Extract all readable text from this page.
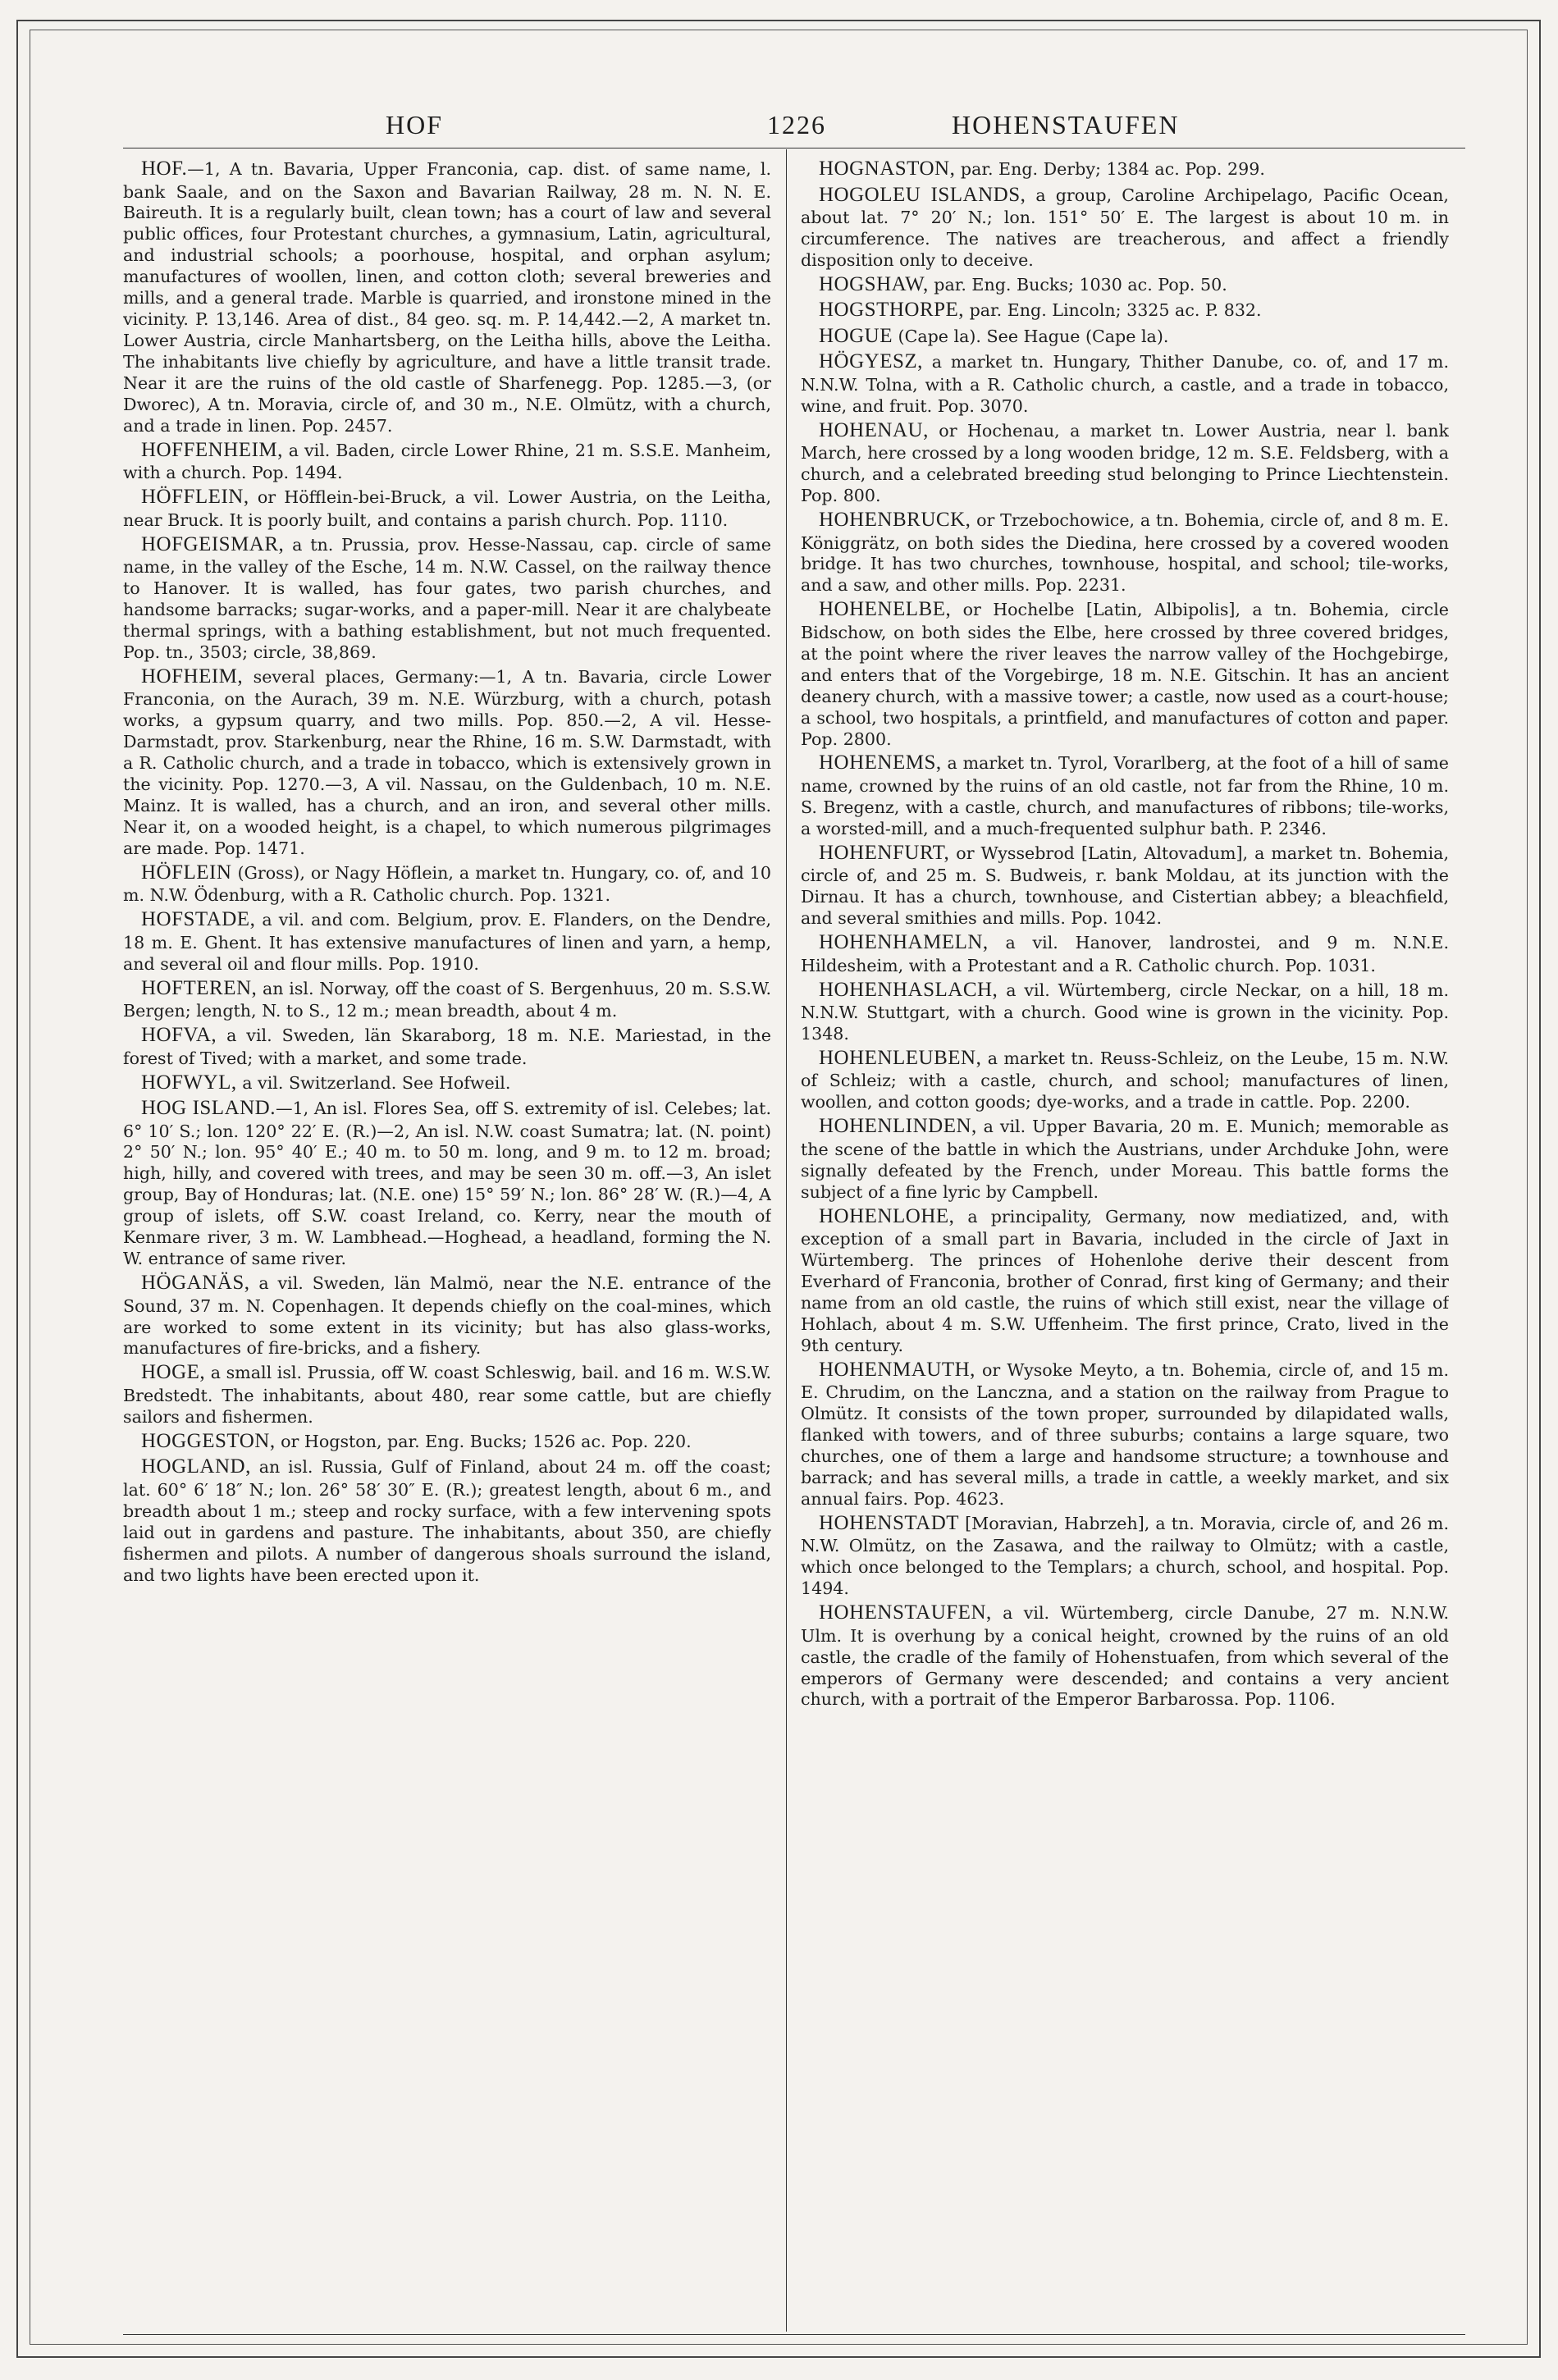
HOF	1226	HOHENSTAUFEN

HOF.—1, A tn. Bavaria, Upper Franconia, cap. dist. of same name, l. bank Saale, and on the Saxon and Bavarian Railway, 28 m. N. N. E. Baireuth. It is a regularly built, clean town; has a court of law and several public offices, four Protestant churches, a gymnasium, Latin, agricultural, and industrial schools; a poorhouse, hospital, and orphan asylum; manufactures of woollen, linen, and cotton cloth; several breweries and mills, and a general trade. Marble is quarried, and ironstone mined in the vicinity. P. 13,146. Area of dist., 84 geo. sq. m. P. 14,442.—2, A market tn. Lower Austria, circle Manhartsberg, on the Leitha hills, above the Leitha. The inhabitants live chiefly by agriculture, and have a little transit trade. Near it are the ruins of the old castle of Sharfenegg. Pop. 1285.—3, (or Dworec), A tn. Moravia, circle of, and 30 m., N.E. Olmütz, with a church, and a trade in linen. Pop. 2457.

HOFFENHEIM, a vil. Baden, circle Lower Rhine, 21 m. S.S.E. Manheim, with a church. Pop. 1494.

HÖFFLEIN, or Höfflein-bei-Bruck, a vil. Lower Austria, on the Leitha, near Bruck. It is poorly built, and contains a parish church. Pop. 1110.

HOFGEISMAR, a tn. Prussia, prov. Hesse-Nassau, cap. circle of same name, in the valley of the Esche, 14 m. N.W. Cassel, on the railway thence to Hanover. It is walled, has four gates, two parish churches, and handsome barracks; sugar-works, and a paper-mill. Near it are chalybeate thermal springs, with a bathing establishment, but not much frequented. Pop. tn., 3503; circle, 38,869.

HOFHEIM, several places, Germany:—1, A tn. Bavaria, circle Lower Franconia, on the Aurach, 39 m. N.E. Würzburg, with a church, potash works, a gypsum quarry, and two mills. Pop. 850.—2, A vil. Hesse-Darmstadt, prov. Starkenburg, near the Rhine, 16 m. S.W. Darmstadt, with a R. Catholic church, and a trade in tobacco, which is extensively grown in the vicinity. Pop. 1270.—3, A vil. Nassau, on the Guldenbach, 10 m. N.E. Mainz. It is walled, has a church, and an iron, and several other mills. Near it, on a wooded height, is a chapel, to which numerous pilgrimages are made. Pop. 1471.

HÖFLEIN (Gross), or Nagy Höflein, a market tn. Hungary, co. of, and 10 m. N.W. Ödenburg, with a R. Catholic church. Pop. 1321.

HOFSTADE, a vil. and com. Belgium, prov. E. Flanders, on the Dendre, 18 m. E. Ghent. It has extensive manufactures of linen and yarn, a hemp, and several oil and flour mills. Pop. 1910.

HOFTEREN, an isl. Norway, off the coast of S. Bergenhuus, 20 m. S.S.W. Bergen; length, N. to S., 12 m.; mean breadth, about 4 m.

HOFVA, a vil. Sweden, län Skaraborg, 18 m. N.E. Mariestad, in the forest of Tived; with a market, and some trade.

HOFWYL, a vil. Switzerland. See Hofweil.

HOG ISLAND.—1, An isl. Flores Sea, off S. extremity of isl. Celebes; lat. 6° 10′ S.; lon. 120° 22′ E. (R.)—2, An isl. N.W. coast Sumatra; lat. (N. point) 2° 50′ N.; lon. 95° 40′ E.; 40 m. to 50 m. long, and 9 m. to 12 m. broad; high, hilly, and covered with trees, and may be seen 30 m. off.—3, An islet group, Bay of Honduras; lat. (N.E. one) 15° 59′ N.; lon. 86° 28′ W. (R.)—4, A group of islets, off S.W. coast Ireland, co. Kerry, near the mouth of Kenmare river, 3 m. W. Lambhead.—Hoghead, a headland, forming the N. W. entrance of same river.

HÖGANÄS, a vil. Sweden, län Malmö, near the N.E. entrance of the Sound, 37 m. N. Copenhagen. It depends chiefly on the coal-mines, which are worked to some extent in its vicinity; but has also glass-works, manufactures of fire-bricks, and a fishery.

HOGE, a small isl. Prussia, off W. coast Schleswig, bail. and 16 m. W.S.W. Bredstedt. The inhabitants, about 480, rear some cattle, but are chiefly sailors and fishermen.

HOGGESTON, or Hogston, par. Eng. Bucks; 1526 ac. Pop. 220.

HOGLAND, an isl. Russia, Gulf of Finland, about 24 m. off the coast; lat. 60° 6′ 18″ N.; lon. 26° 58′ 30″ E. (R.); greatest length, about 6 m., and breadth about 1 m.; steep and rocky surface, with a few intervening spots laid out in gardens and pasture. The inhabitants, about 350, are chiefly fishermen and pilots. A number of dangerous shoals surround the island, and two lights have been erected upon it.

HOGNASTON, par. Eng. Derby; 1384 ac. Pop. 299.

HOGOLEU ISLANDS, a group, Caroline Archipelago, Pacific Ocean, about lat. 7° 20′ N.; lon. 151° 50′ E. The largest is about 10 m. in circumference. The natives are treacherous, and affect a friendly disposition only to deceive.

HOGSHAW, par. Eng. Bucks; 1030 ac. Pop. 50.

HOGSTHORPE, par. Eng. Lincoln; 3325 ac. P. 832.

HOGUE (Cape la). See Hague (Cape la).

HÖGYESZ, a market tn. Hungary, Thither Danube, co. of, and 17 m. N.N.W. Tolna, with a R. Catholic church, a castle, and a trade in tobacco, wine, and fruit. Pop. 3070.

HOHENAU, or Hochenau, a market tn. Lower Austria, near l. bank March, here crossed by a long wooden bridge, 12 m. S.E. Feldsberg, with a church, and a celebrated breeding stud belonging to Prince Liechtenstein. Pop. 800.

HOHENBRUCK, or Trzebochowice, a tn. Bohemia, circle of, and 8 m. E. Königgrätz, on both sides the Diedina, here crossed by a covered wooden bridge. It has two churches, townhouse, hospital, and school; tile-works, and a saw, and other mills. Pop. 2231.

HOHENELBE, or Hochelbe [Latin, Albipolis], a tn. Bohemia, circle Bidschow, on both sides the Elbe, here crossed by three covered bridges, at the point where the river leaves the narrow valley of the Hochgebirge, and enters that of the Vorgebirge, 18 m. N.E. Gitschin. It has an ancient deanery church, with a massive tower; a castle, now used as a court-house; a school, two hospitals, a printfield, and manufactures of cotton and paper. Pop. 2800.

HOHENEMS, a market tn. Tyrol, Vorarlberg, at the foot of a hill of same name, crowned by the ruins of an old castle, not far from the Rhine, 10 m. S. Bregenz, with a castle, church, and manufactures of ribbons; tile-works, a worsted-mill, and a much-frequented sulphur bath. P. 2346.

HOHENFURT, or Wyssebrod [Latin, Altovadum], a market tn. Bohemia, circle of, and 25 m. S. Budweis, r. bank Moldau, at its junction with the Dirnau. It has a church, townhouse, and Cistertian abbey; a bleachfield, and several smithies and mills. Pop. 1042.

HOHENHAMELN, a vil. Hanover, landrostei, and 9 m. N.N.E. Hildesheim, with a Protestant and a R. Catholic church. Pop. 1031.

HOHENHASLACH, a vil. Würtemberg, circle Neckar, on a hill, 18 m. N.N.W. Stuttgart, with a church. Good wine is grown in the vicinity. Pop. 1348.

HOHENLEUBEN, a market tn. Reuss-Schleiz, on the Leube, 15 m. N.W. of Schleiz; with a castle, church, and school; manufactures of linen, woollen, and cotton goods; dye-works, and a trade in cattle. Pop. 2200.

HOHENLINDEN, a vil. Upper Bavaria, 20 m. E. Munich; memorable as the scene of the battle in which the Austrians, under Archduke John, were signally defeated by the French, under Moreau. This battle forms the subject of a fine lyric by Campbell.

HOHENLOHE, a principality, Germany, now mediatized, and, with exception of a small part in Bavaria, included in the circle of Jaxt in Würtemberg. The princes of Hohenlohe derive their descent from Everhard of Franconia, brother of Conrad, first king of Germany; and their name from an old castle, the ruins of which still exist, near the village of Hohlach, about 4 m. S.W. Uffenheim. The first prince, Crato, lived in the 9th century.

HOHENMAUTH, or Wysoke Meyto, a tn. Bohemia, circle of, and 15 m. E. Chrudim, on the Lanczna, and a station on the railway from Prague to Olmütz. It consists of the town proper, surrounded by dilapidated walls, flanked with towers, and of three suburbs; contains a large square, two churches, one of them a large and handsome structure; a townhouse and barrack; and has several mills, a trade in cattle, a weekly market, and six annual fairs. Pop. 4623.

HOHENSTADT [Moravian, Habrzeh], a tn. Moravia, circle of, and 26 m. N.W. Olmütz, on the Zasawa, and the railway to Olmütz; with a castle, which once belonged to the Templars; a church, school, and hospital. Pop. 1494.

HOHENSTAUFEN, a vil. Würtemberg, circle Danube, 27 m. N.N.W. Ulm. It is overhung by a conical height, crowned by the ruins of an old castle, the cradle of the family of Hohenstuafen, from which several of the emperors of Germany were descended; and contains a very ancient church, with a portrait of the Emperor Barbarossa. Pop. 1106.
